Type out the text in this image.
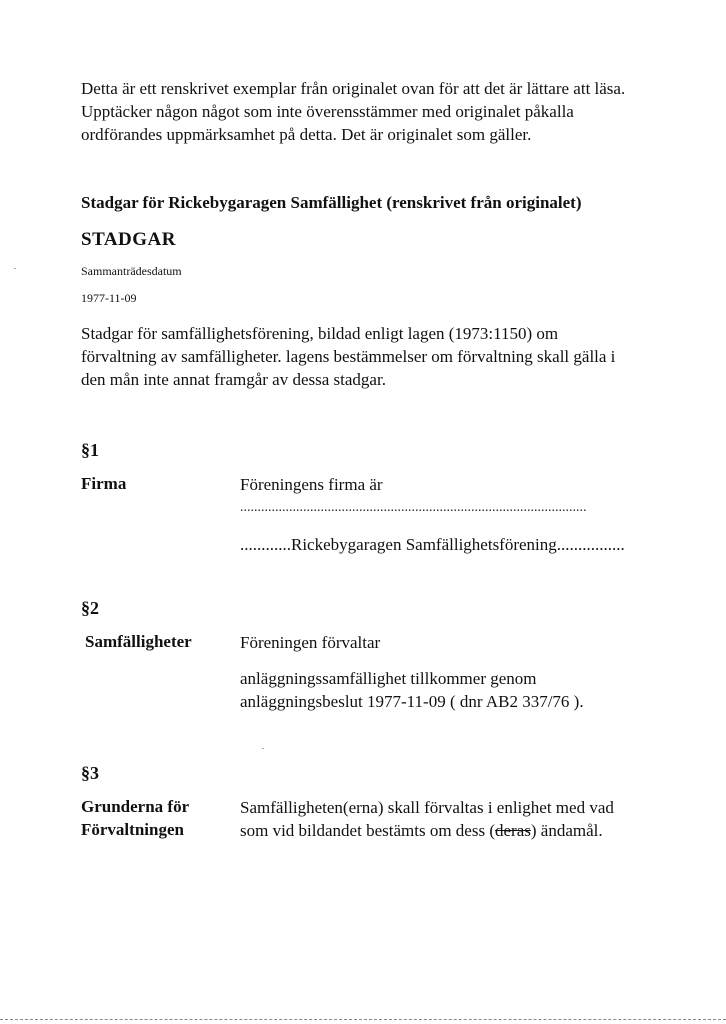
Detta är ett renskrivet exemplar från originalet ovan för att det är lättare att läsa.
Upptäcker någon något som inte överensstämmer med originalet påkalla
ordförandes uppmärksamhet på detta. Det är originalet som gäller.
Stadgar för Rickebygaragen Samfällighet (renskrivet från originalet)
STADGAR
Sammanträdesdatum
1977-11-09
Stadgar för samfällighetsförening, bildad enligt lagen (1973:1150) om
förvaltning av samfälligheter. lagens bestämmelser om förvaltning skall gälla i
den mån inte annat framgår av dessa stadgar.
§1
Firma	Föreningens firma är
...................................................................................................
............Rickebygaragen Samfällighetsförening................
§2
Samfälligheter	Föreningen förvaltar
anläggningssamfällighet tillkommer genom
anläggningsbeslut 1977-11-09 ( dnr AB2 337/76 ).
§3
Grunderna för
Förvaltningen
Samfälligheten(erna) skall förvaltas i enlighet med vad
som vid bildandet bestämts om dess (deras) ändamål.
